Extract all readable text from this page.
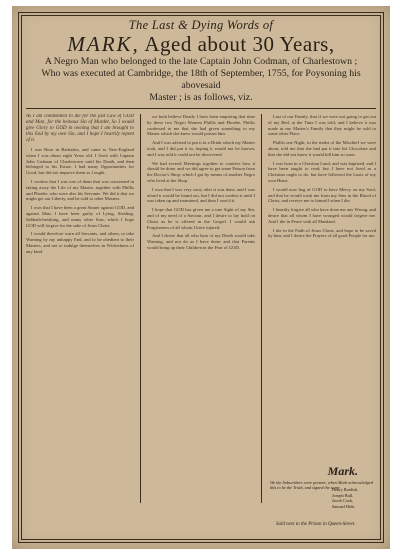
The Last & Dying Words of
MARK, Aged about 30 Years,
A Negro Man who belonged to the late Captain John Codman, of Charlestown ;
Who was executed at Cambridge, the 18th of September, 1755, for Poysoning his abovesaid
Master ; is as follows, viz.

As I am condemned to die for the just Law of GOD and Man, for the heinous Sin of Murder, So I would give Glory to GOD in owning that I am brought to this End by my own Sin, and I hope I heartily repent of it.

I was Born in Barbados, and came to New-England when I was about eight Years old. I lived with Captain John Codman of Charlestown until his Death, and then belonged to his Estate. I had many Opportunities for Good, but did not improve them as I ought.

I confess that I was one of them that was concerned in taking away the Life of my Master, together with Phillis and Phoebe, who were also his Servants. We did it that we might get our Liberty, and be sold to other Masters.

I own that I have been a great Sinner against GOD, and against Man; I have been guilty of Lying, Stealing, Sabbath-breaking, and many other Sins, which I hope GOD will forgive for the sake of Jesus Christ.

I would therefore warn all Servants, and others, to take Warning by my unhappy End, and to be obedient to their Masters, and not to indulge themselves in Wickedness of any kind.

we both believe Death; I have been enquiring that time by these two Negro Women Phillis and Phoebe. Phillis confessed to me that she had given something to my Master which she knew would poison him.

And I was advised to put it in a Drink which my Master took, and I did put it in, hoping it would not be known, and I was told it could not be discovered.

We had several Meetings together to contrive how it should be done, and we did agree to get some Poison from the Doctor's Shop, which I got by means of another Negro who lived at the Shop.

I own that I was very sorry after it was done, and I was afraid it would be found out, but I did not confess it until I was taken up and examined, and then I own'd it.

I hope that GOD has given me a true Sight of my Sin, and of my need of a Saviour, and I desire to lay hold on Christ as he is offered in the Gospel. I would ask Forgiveness of all whom I have injured.

And I desire that all who hear of my Death would take Warning, and not do as I have done; and that Parents would bring up their Children in the Fear of GOD.

Last of our Family, that if we were not going to get out of my Bed, at the Time I was told; and I believe it was made in my Master's Family that they might be sold to some other Place.

Phillis one Night, in the midst of the Mischief we were about, told me that she had put it into his Chocolate and that she did not know it would kill him so soon.

I was born in a Christian Land, and was baptized, and I have been taught to read; but I have not lived as a Christian ought to do, but have followed the Lusts of my own Heart.

I would now beg of GOD to have Mercy on my Soul, and that he would wash me from my Sins in the Blood of Christ, and receive me to himself when I die.

I heartily forgive all who have done me any Wrong, and desire that all whom I have wronged would forgive me. And I die in Peace with all Mankind.

I die in the Faith of Jesus Christ, and hope to be saved by him; and I desire the Prayers of all good People for me.

Mark.
We the Subscribers were present, when Mark acknowledged this to be the Truth, and signed the same.
Henry Bradish,
Joseph Bull,
Jacob Cook,
Samuel Hide.
Sold next to the Prison in Queen-Street.
